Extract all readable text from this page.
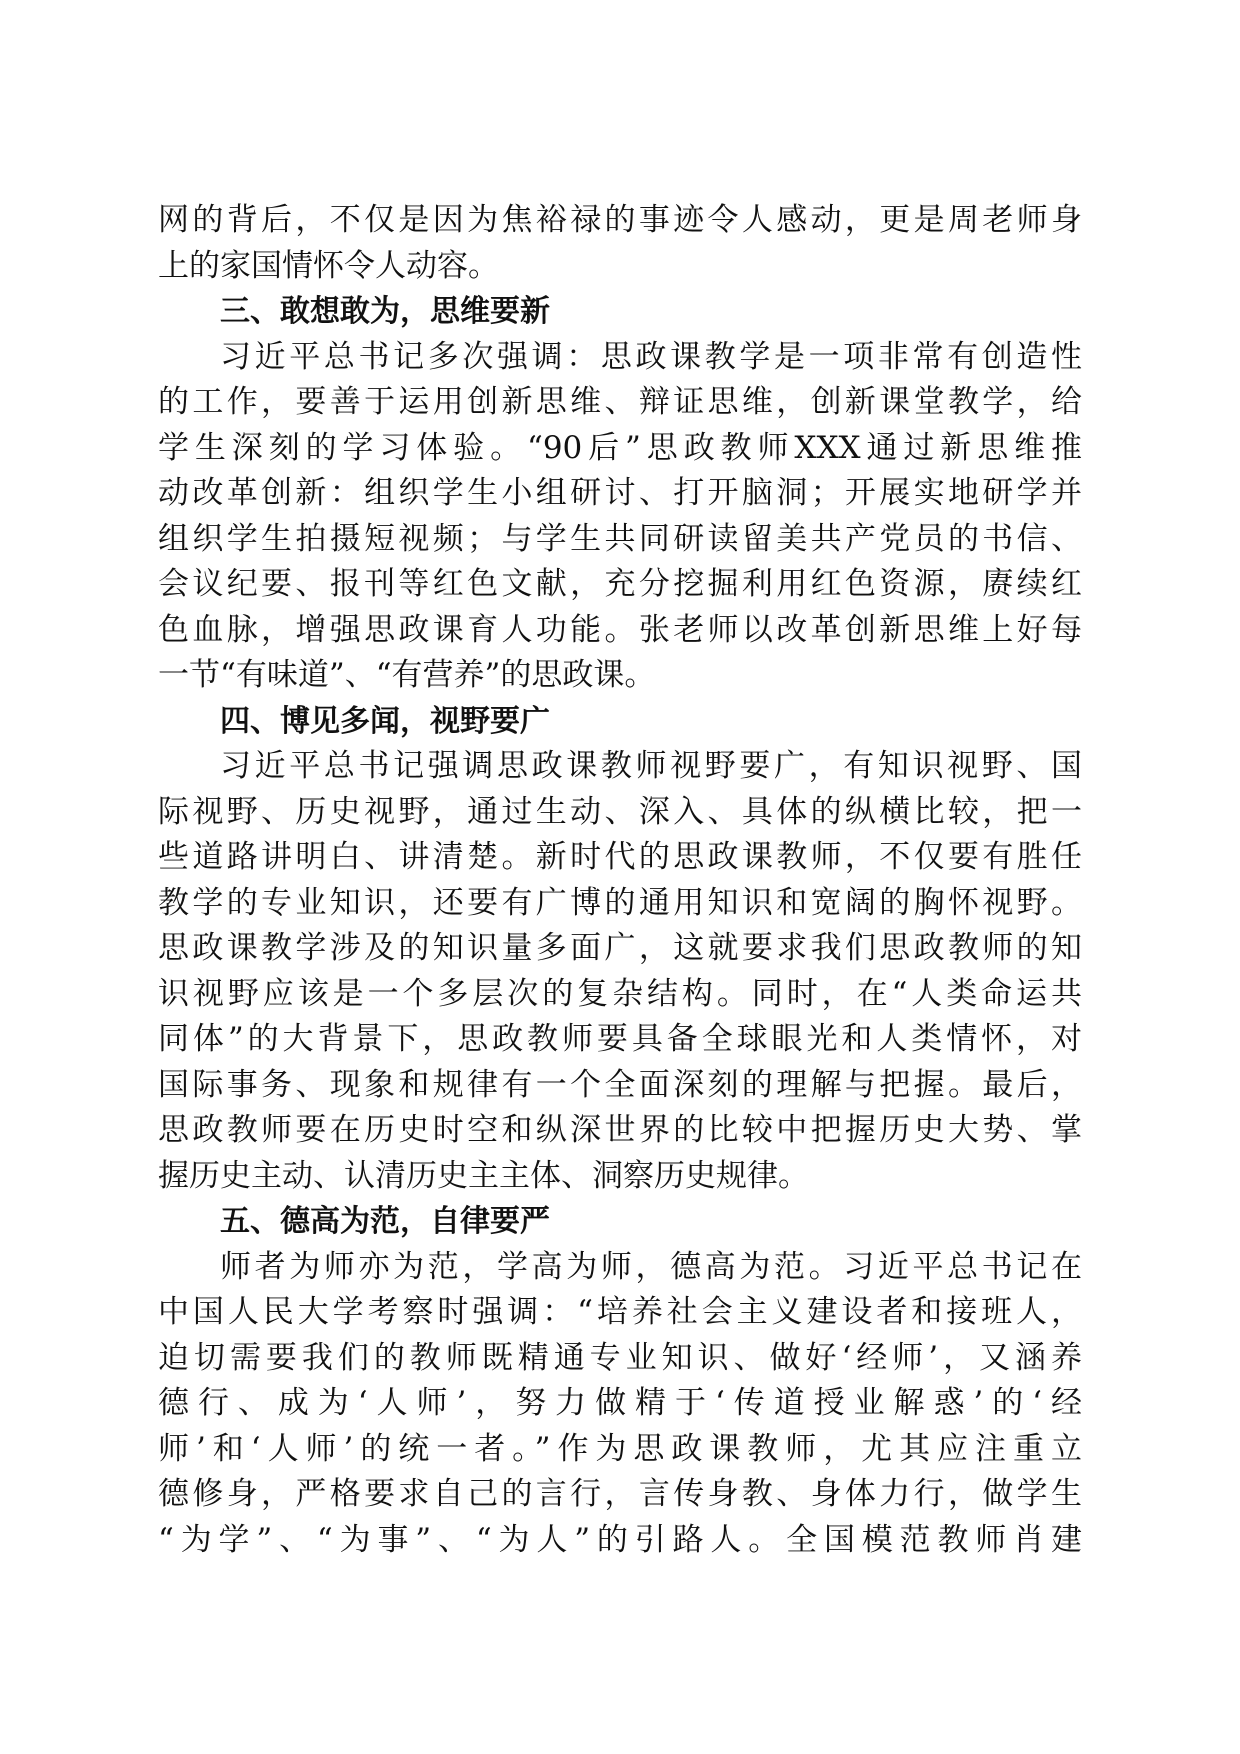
网的背后，不仅是因为焦裕禄的事迹令人感动，更是周老师身
上的家国情怀令人动容。
三、敢想敢为，思维要新
习近平总书记多次强调：思政课教学是一项非常有创造性
的工作，要善于运用创新思维、辩证思维，创新课堂教学，给
学生深刻的学习体验。“90后”思政教师XXX通过新思维推
动改革创新：组织学生小组研讨、打开脑洞；开展实地研学并
组织学生拍摄短视频；与学生共同研读留美共产党员的书信、
会议纪要、报刊等红色文献，充分挖掘利用红色资源，赓续红
色血脉，增强思政课育人功能。张老师以改革创新思维上好每
一节“有味道”、“有营养”的思政课。
四、博见多闻，视野要广
习近平总书记强调思政课教师视野要广，有知识视野、国
际视野、历史视野，通过生动、深入、具体的纵横比较，把一
些道路讲明白、讲清楚。新时代的思政课教师，不仅要有胜任
教学的专业知识，还要有广博的通用知识和宽阔的胸怀视野。
思政课教学涉及的知识量多面广，这就要求我们思政教师的知
识视野应该是一个多层次的复杂结构。同时，在“人类命运共
同体”的大背景下，思政教师要具备全球眼光和人类情怀，对
国际事务、现象和规律有一个全面深刻的理解与把握。最后，
思政教师要在历史时空和纵深世界的比较中把握历史大势、掌
握历史主动、认清历史主主体、洞察历史规律。
五、德高为范，自律要严
师者为师亦为范，学高为师，德高为范。习近平总书记在
中国人民大学考察时强调：“培养社会主义建设者和接班人，
迫切需要我们的教师既精通专业知识、做好‘经师’，又涵养
德行、成为‘人师’，努力做精于‘传道授业解惑’的‘经
师’和‘人师’的统一者。”作为思政课教师，尤其应注重立
德修身，严格要求自己的言行，言传身教、身体力行，做学生
“为学”、“为事”、“为人”的引路人。全国模范教师肖建
